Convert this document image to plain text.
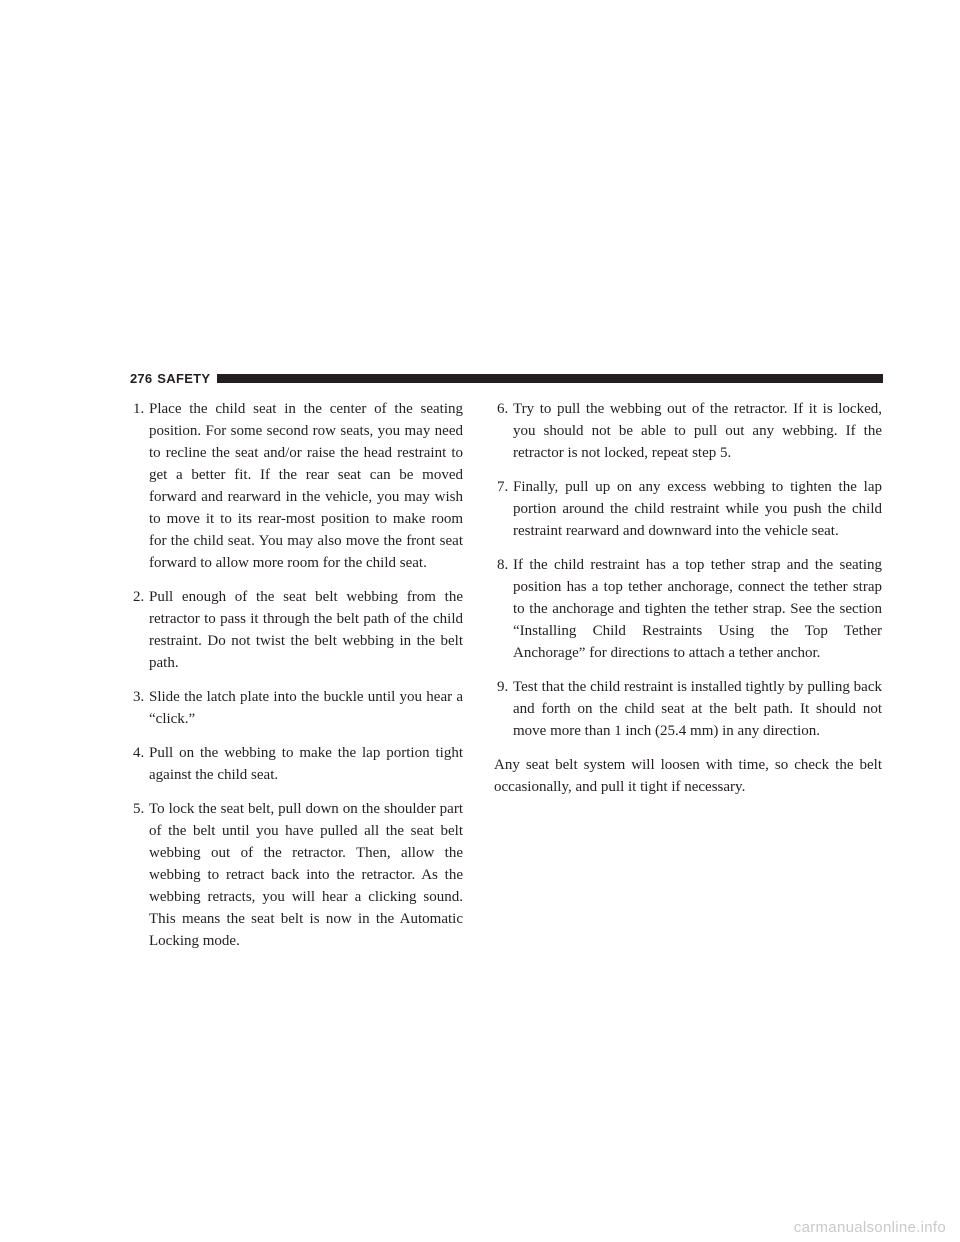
276 SAFETY
1. Place the child seat in the center of the seating position. For some second row seats, you may need to recline the seat and/or raise the head restraint to get a better fit. If the rear seat can be moved forward and rearward in the vehicle, you may wish to move it to its rear-most position to make room for the child seat. You may also move the front seat forward to allow more room for the child seat.

2. Pull enough of the seat belt webbing from the retractor to pass it through the belt path of the child restraint. Do not twist the belt webbing in the belt path.

3. Slide the latch plate into the buckle until you hear a “click.”

4. Pull on the webbing to make the lap portion tight against the child seat.

5. To lock the seat belt, pull down on the shoulder part of the belt until you have pulled all the seat belt webbing out of the retractor. Then, allow the webbing to retract back into the retractor. As the webbing retracts, you will hear a clicking sound. This means the seat belt is now in the Automatic Locking mode.

6. Try to pull the webbing out of the retractor. If it is locked, you should not be able to pull out any webbing. If the retractor is not locked, repeat step 5.

7. Finally, pull up on any excess webbing to tighten the lap portion around the child restraint while you push the child restraint rearward and downward into the vehicle seat.

8. If the child restraint has a top tether strap and the seating position has a top tether anchorage, connect the tether strap to the anchorage and tighten the tether strap. See the section “Installing Child Restraints Using the Top Tether Anchorage” for directions to attach a tether anchor.

9. Test that the child restraint is installed tightly by pulling back and forth on the child seat at the belt path. It should not move more than 1 inch (25.4 mm) in any direction.

Any seat belt system will loosen with time, so check the belt occasionally, and pull it tight if necessary.

carmanualsonline.info
